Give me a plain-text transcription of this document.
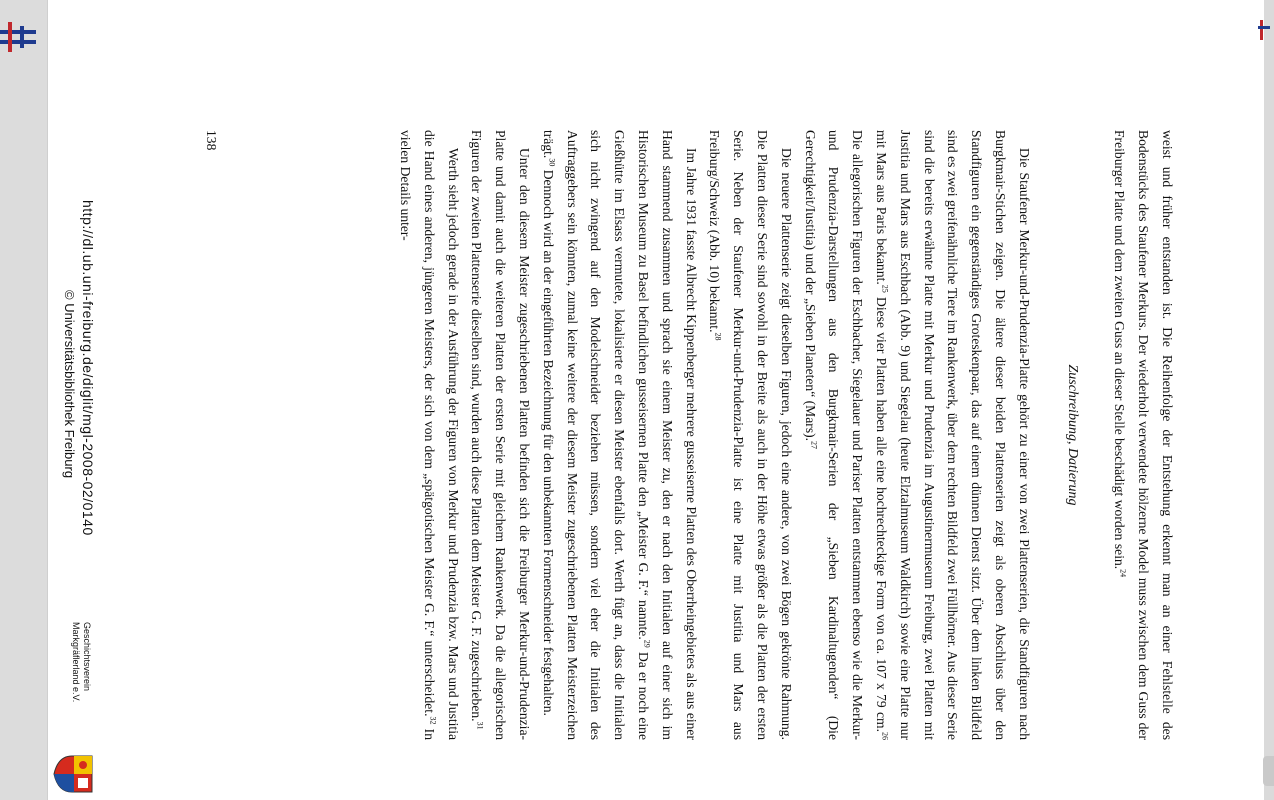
weist und früher entstanden ist. Die Reihenfolge der Entstehung erkennt man an einer Fehlstelle des Bodenstücks des Staufener Merkurs. Der wiederholt verwendete hölzerne Model muss zwischen dem Guss der Freiburger Platte und dem zweiten Guss an dieser Stelle beschädigt worden sein.$^{24}$

Zuschreibung, Datierung

Die Staufener Merkur-und-Prudenzia-Platte gehört zu einer von zwei Plattenserien, die Standfiguren nach Burgkmair-Stichen zeigen. Die ältere dieser beiden Plattenserien zeigt als oberen Abschluss über den Standfiguren ein gegenständiges Groteskenpaar, das auf einem dünnen Dienst sitzt. Über dem linken Bildfeld sind es zwei greifenähnliche Tiere im Rankenwerk, über dem rechten Bildfeld zwei Füllhörner. Aus dieser Serie sind die bereits erwähnte Platte mit Merkur und Prudenzia im Augustinermuseum Freiburg, zwei Platten mit Justitia und Mars aus Eschbach (Abb. 9) und Siegelau (heute Elztalmuseum Waldkirch) sowie eine Platte nur mit Mars aus Paris bekannt.$^{25}$ Diese vier Platten haben alle eine hochrechteckige Form von ca. 107 x 79 cm.$^{26}$ Die allegorischen Figuren der Eschbacher, Siegelauer und Pariser Platten entstammen ebenso wie die Merkur- und Prudenzia-Darstellungen aus den Burgkmair-Serien der „Sieben Kardinaltugenden“ (Die Gerechtigkeit/Iustitia) und der „Sieben Planeten“ (Mars).$^{27}$

Die neuere Plattenserie zeigt dieselben Figuren, jedoch eine andere, von zwei Bögen gekrönte Rahmung. Die Platten dieser Serie sind sowohl in der Breite als auch in der Höhe etwas größer als die Platten der ersten Serie. Neben der Staufener Merkur-und-Prudenzia-Platte ist eine Platte mit Justitia und Mars aus Freiburg/Schweiz (Abb. 10) bekannt.$^{28}$

Im Jahre 1931 fasste Albrecht Kippenberger mehrere gusseiserne Platten des Oberrheingebietes als aus einer Hand stammend zusammen und sprach sie einem Meister zu, den er nach den Initialen auf einer sich im Historischen Museum zu Basel befindlichen gusseisernen Platte den „Meister G. F.“ nannte.$^{29}$ Da er noch eine Gießhütte im Elsass vermutete, lokalisierte er diesen Meister ebenfalls dort. Werth fügt an, dass die Initialen sich nicht zwingend auf den Modelschneider beziehen müssen, sondern viel eher die Initialen des Auftraggebers sein könnten, zumal keine weitere der diesem Meister zugeschriebenen Platten Meisterzeichen trägt.$^{30}$ Dennoch wird an der eingeführten Bezeichnung für den unbekannten Formenschneider festgehalten.

Unter den diesem Meister zugeschriebenen Platten befinden sich die Freiburger Merkur-und-Prudenzia-Platte und damit auch die weiteren Platten der ersten Serie mit gleichem Rankenwerk. Da die allegorischen Figuren der zweiten Plattenserie dieselben sind, wurden auch diese Platten dem Meister G. F. zugeschrieben.$^{31}$

Werth sieht jedoch gerade in der Ausführung der Figuren von Merkur und Prudenzia bzw. Mars und Justitia die Hand eines anderen, jüngeren Meisters, der sich von dem „spätgotischen Meister G. F.“ unterscheidet.$^{32}$ In vielen Details unter-

138
http://dl.ub.uni-freiburg.de/diglit/mgl-2008-02/0140
© Universitätsbibliothek Freiburg
Geschichtsverein
Markgräflerland e.V.
